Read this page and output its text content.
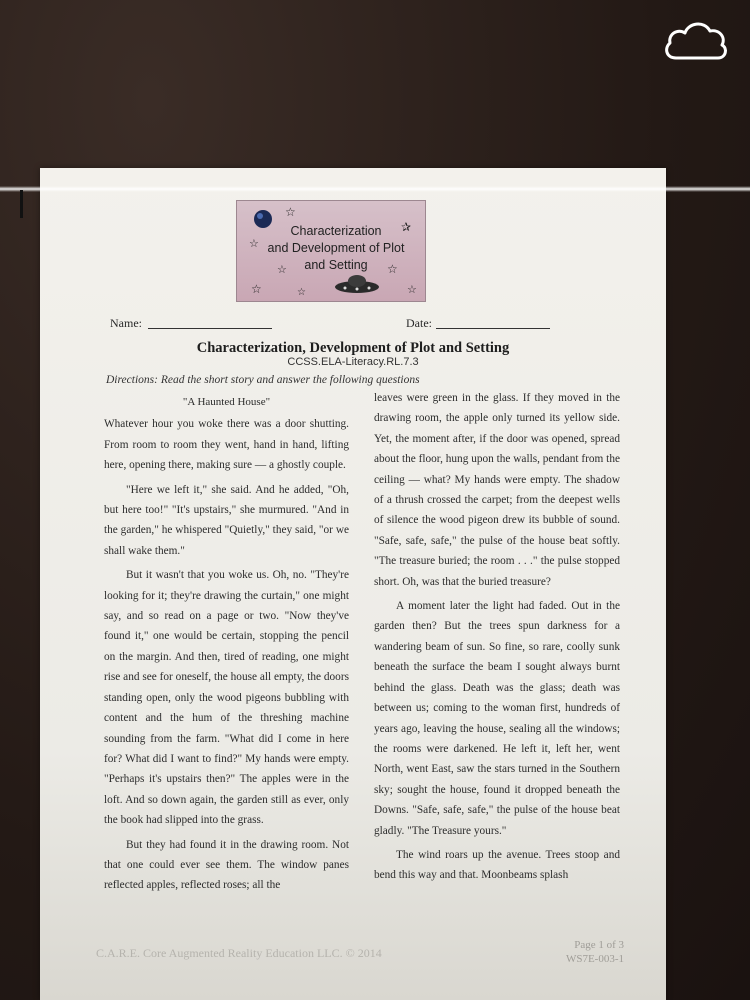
☆
✰
☆
☆	☆
☆	☆	☆
Characterization
and Development of Plot
and Setting
Name:	Date:
Characterization, Development of Plot and Setting
CCSS.ELA-Literacy.RL.7.3
Directions: Read the short story and answer the following questions

"A Haunted House"

Whatever hour you woke there was a door shutting. From room to room they went, hand in hand, lifting here, opening there, making sure — a ghostly couple.

"Here we left it," she said. And he added, "Oh, but here too!" "It's upstairs," she murmured. "And in the garden," he whispered "Quietly," they said, "or we shall wake them."

But it wasn't that you woke us. Oh, no. "They're looking for it; they're drawing the curtain," one might say, and so read on a page or two. "Now they've found it," one would be certain, stopping the pencil on the margin. And then, tired of reading, one might rise and see for oneself, the house all empty, the doors standing open, only the wood pigeons bubbling with content and the hum of the threshing machine sounding from the farm. "What did I come in here for? What did I want to find?" My hands were empty. "Perhaps it's upstairs then?" The apples were in the loft. And so down again, the garden still as ever, only the book had slipped into the grass.

But they had found it in the drawing room. Not that one could ever see them. The window panes reflected apples, reflected roses; all the

leaves were green in the glass. If they moved in the drawing room, the apple only turned its yellow side. Yet, the moment after, if the door was opened, spread about the floor, hung upon the walls, pendant from the ceiling — what? My hands were empty. The shadow of a thrush crossed the carpet; from the deepest wells of silence the wood pigeon drew its bubble of sound. "Safe, safe, safe," the pulse of the house beat softly. "The treasure buried; the room . . ." the pulse stopped short. Oh, was that the buried treasure?

A moment later the light had faded. Out in the garden then? But the trees spun darkness for a wandering beam of sun. So fine, so rare, coolly sunk beneath the surface the beam I sought always burnt behind the glass. Death was the glass; death was between us; coming to the woman first, hundreds of years ago, leaving the house, sealing all the windows; the rooms were darkened. He left it, left her, went North, went East, saw the stars turned in the Southern sky; sought the house, found it dropped beneath the Downs. "Safe, safe, safe," the pulse of the house beat gladly. "The Treasure yours."

The wind roars up the avenue. Trees stoop and bend this way and that. Moonbeams splash

C.A.R.E. Core Augmented Reality Education LLC. © 2014
Page 1 of 3
WS7E-003-1
